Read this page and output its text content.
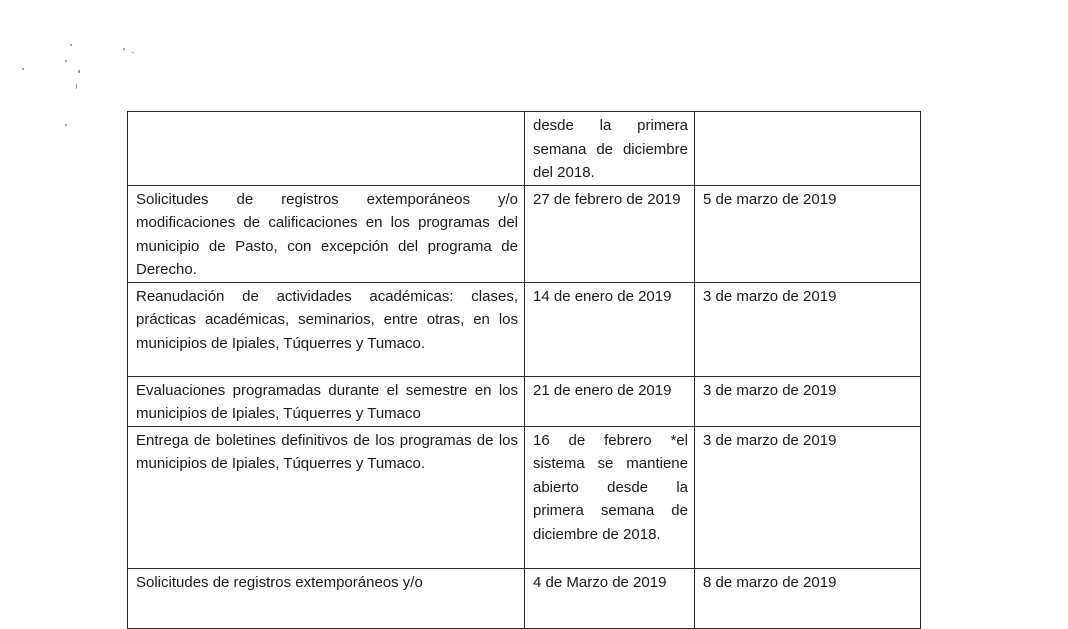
	desde la primera semana de diciembre del 2018.	

Solicitudes de registros extemporáneos y/o modificaciones de calificaciones en los programas del municipio de Pasto, con excepción del programa de Derecho.	27 de febrero de 2019	5 de marzo de 2019

Reanudación de actividades académicas: clases, prácticas académicas, seminarios, entre otras, en los municipios de Ipiales, Túquerres y Tumaco.	14 de enero de 2019	3 de marzo de 2019

Evaluaciones programadas durante el semestre en los municipios de Ipiales, Túquerres y Tumaco	21 de enero de 2019	3 de marzo de 2019

Entrega de boletines definitivos de los programas de los municipios de Ipiales, Túquerres y Tumaco.	16 de febrero *el sistema se mantiene abierto desde la primera semana de diciembre de 2018.	3 de marzo de 2019

Solicitudes de registros extemporáneos y/o	4 de Marzo de 2019	8 de marzo de 2019
